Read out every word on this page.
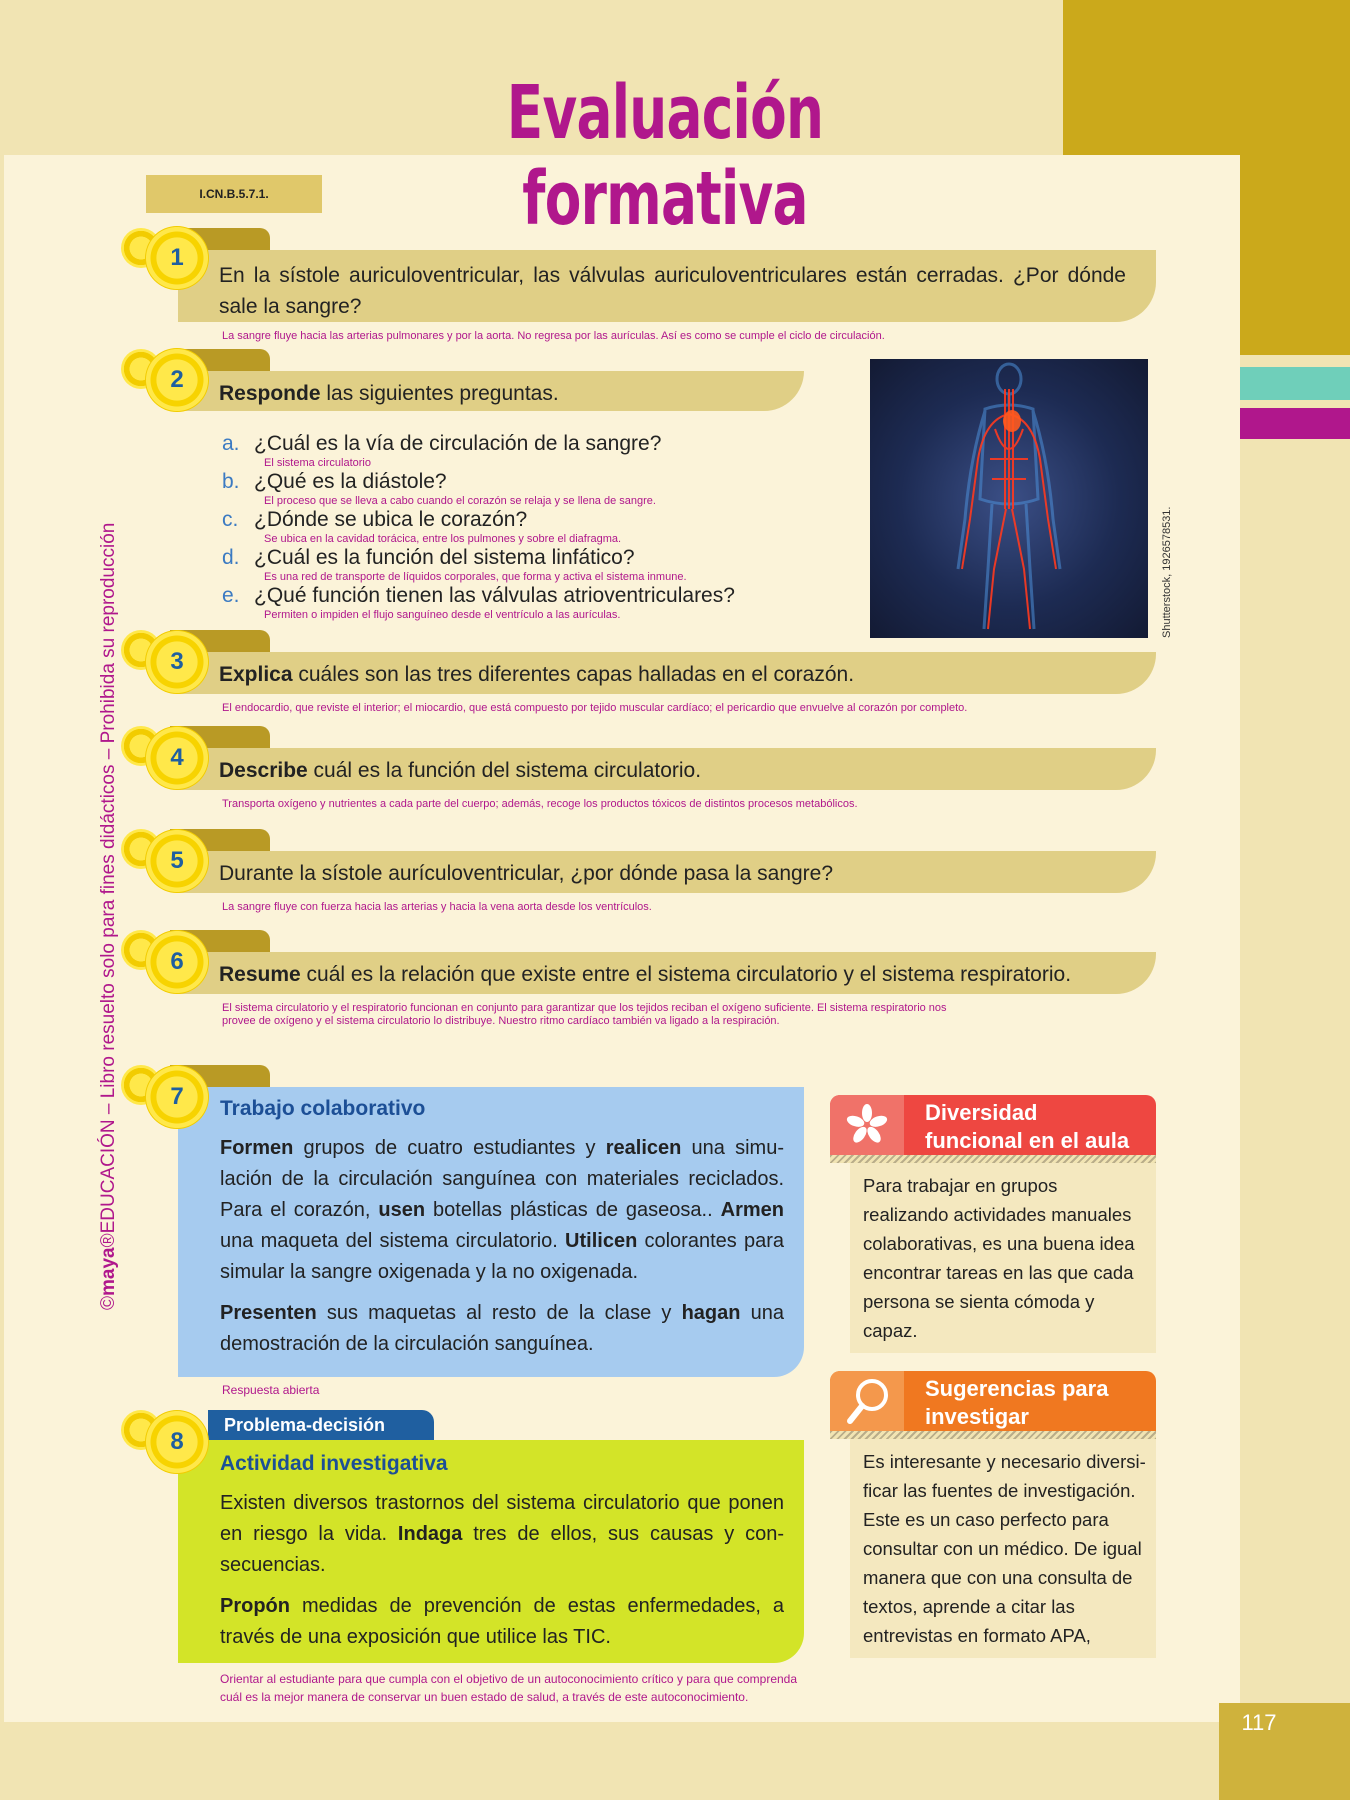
117
Evaluación formativa
I.CN.B.5.7.1.
©maya®EDUCACIÓN – Libro resuelto solo para fines didácticos – Prohibida su reproducción
En la sístole auriculoventricular, las válvulas auriculoventriculares están cerradas. ¿Por dónde sale la sangre?
1
La sangre fluye hacia las arterias pulmonares y por la aorta. No regresa por las aurículas. Así es como se cumple el ciclo de circulación.
Responde las siguientes preguntas.
2
a. ¿Cuál es la vía de circulación de la sangre?
El sistema circulatorio
b. ¿Qué es la diástole?
El proceso que se lleva a cabo cuando el corazón se relaja y se llena de sangre.
c. ¿Dónde se ubica le corazón?
Se ubica en la cavidad torácica, entre los pulmones y sobre el diafragma.
d. ¿Cuál es la función del sistema linfático?
Es una red de transporte de líquidos corporales, que forma y activa el sistema inmune.
e. ¿Qué función tienen las válvulas atrioventriculares?
Permiten o impiden el flujo sanguíneo desde el ventrículo a las aurículas.	Shutterstock, 1926578531.
Explica cuáles son las tres diferentes capas halladas en el corazón.
3
El endocardio, que reviste el interior; el miocardio, que está compuesto por tejido muscular cardíaco; el pericardio que envuelve al corazón por completo.
Describe cuál es la función del sistema circulatorio.
4
Transporta oxígeno y nutrientes a cada parte del cuerpo; además, recoge los productos tóxicos de distintos procesos metabólicos.
Durante la sístole aurículoventricular, ¿por dónde pasa la sangre?
5
La sangre fluye con fuerza hacia las arterias y hacia la vena aorta desde los ventrículos.
Resume cuál es la relación que existe entre el sistema circulatorio y el sistema respiratorio.
6
El sistema circulatorio y el respiratorio funcionan en conjunto para garantizar que los tejidos reciban el oxígeno suficiente. El sistema respiratorio nos
provee de oxígeno y el sistema circulatorio lo distribuye. Nuestro ritmo cardíaco también va ligado a la respiración.
Trabajo colaborativo

Formen grupos de cuatro estudiantes y realicen una simulación de la circulación sanguínea con materiales reciclados. Para el corazón, usen botellas plásticas de gaseosa.. Armen una maqueta del sistema circulatorio. Utilicen colorantes para simular la sangre oxigenada y la no oxigenada.

Presenten sus maquetas al resto de la clase y hagan una demostración de la circulación sanguínea.

7
Respuesta abierta
Problema-decisión
Actividad investigativa

Existen diversos trastornos del sistema circulatorio que ponen en riesgo la vida. Indaga tres de ellos, sus causas y consecuencias.

Propón medidas de prevención de estas enfermedades, a través de una exposición que utilice las TIC.

8
Orientar al estudiante para que cumpla con el objetivo de un autoconocimiento crítico y para que comprenda
cuál es la mejor manera de conservar un buen estado de salud, a través de este autoconocimiento.
Diversidad
funcional en el aula
Para trabajar en grupos realizando actividades manuales colaborativas, es una buena idea encontrar tareas en las que cada persona se sienta cómoda y capaz.
Sugerencias para
investigar
Es interesante y necesario diversificar las fuentes de investigación. Este es un caso perfecto para consultar con un médico. De igual manera que con una consulta de textos, aprende a citar las entrevistas en formato APA,
